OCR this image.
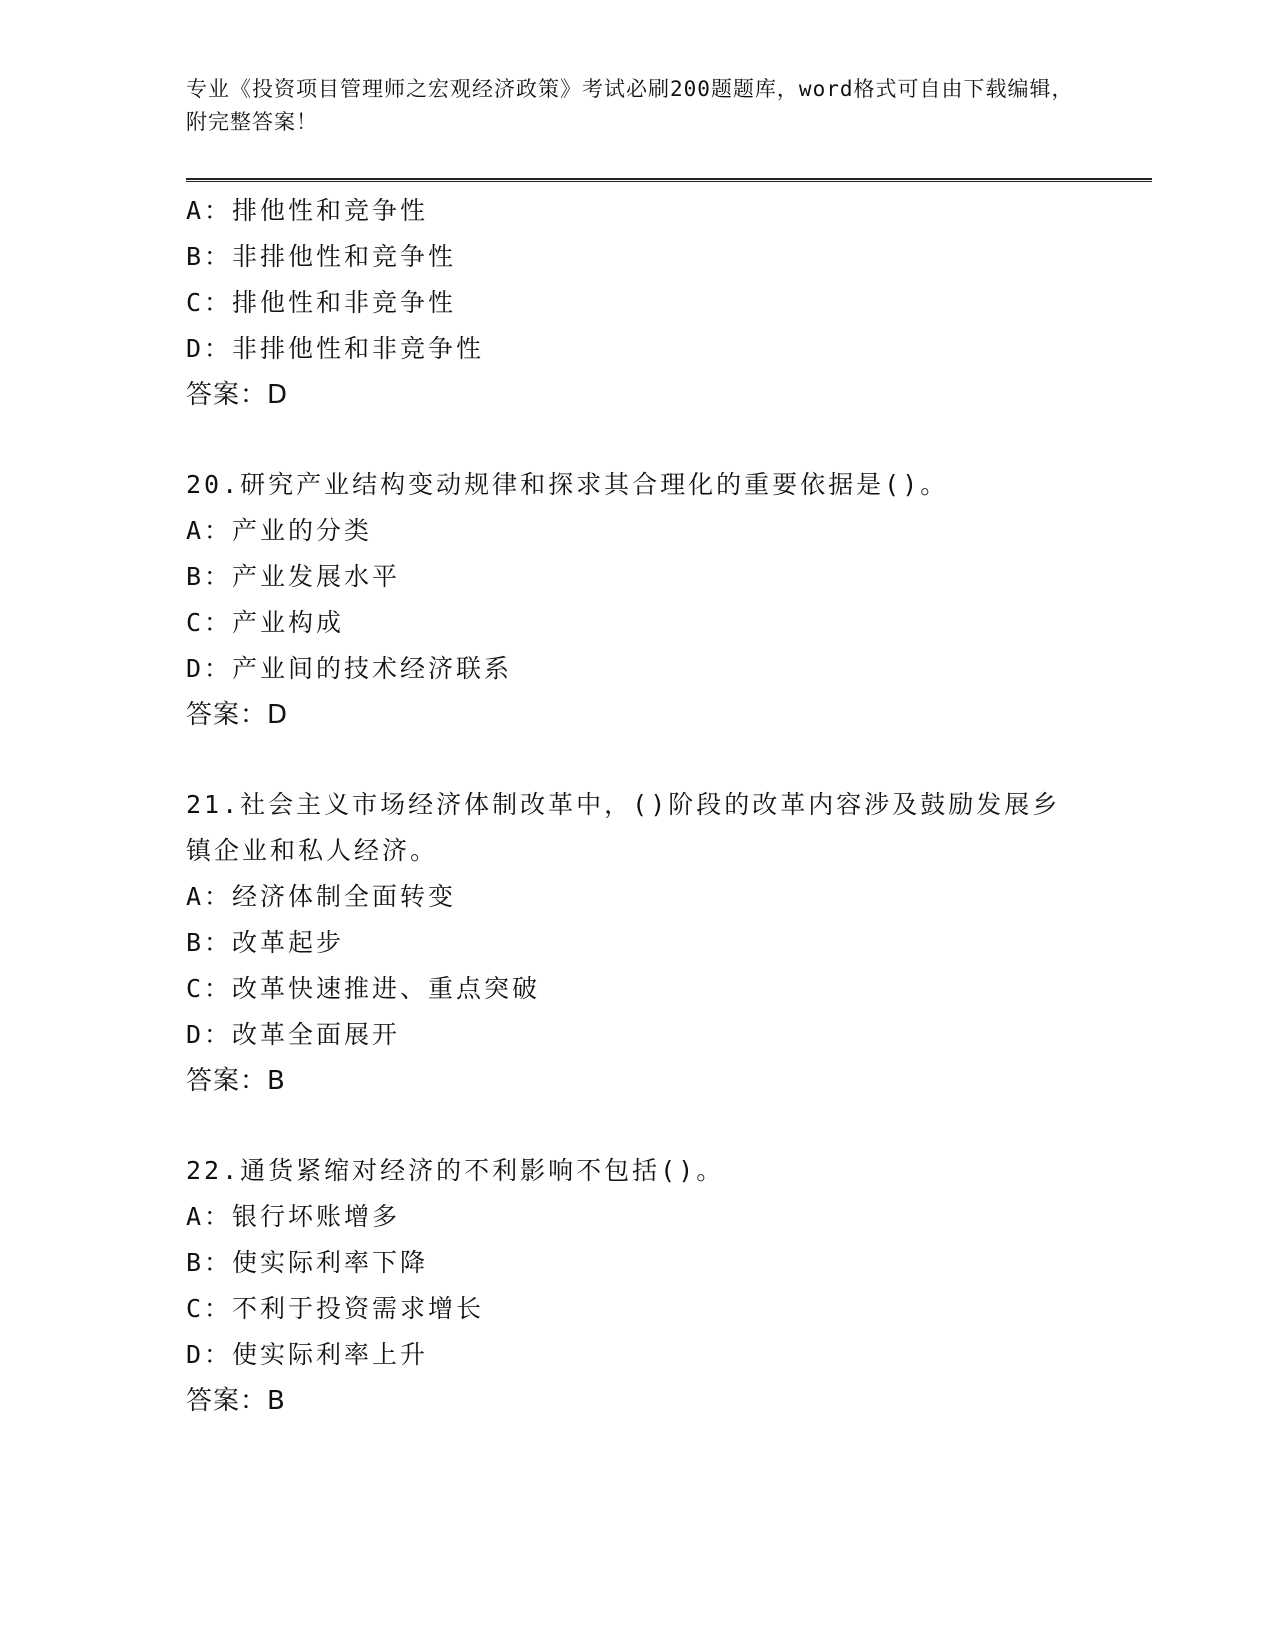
专业《投资项目管理师之宏观经济政策》考试必刷200题题库，word格式可自由下载编辑，附完整答案！
A：排他性和竞争性
B：非排他性和竞争性
C：排他性和非竞争性
D：非排他性和非竞争性
答案：D
20.研究产业结构变动规律和探求其合理化的重要依据是()。
A：产业的分类
B：产业发展水平
C：产业构成
D：产业间的技术经济联系
答案：D
21.社会主义市场经济体制改革中，()阶段的改革内容涉及鼓励发展乡镇企业和私人经济。
A：经济体制全面转变
B：改革起步
C：改革快速推进、重点突破
D：改革全面展开
答案：B
22.通货紧缩对经济的不利影响不包括()。
A：银行坏账增多
B：使实际利率下降
C：不利于投资需求增长
D：使实际利率上升
答案：B
